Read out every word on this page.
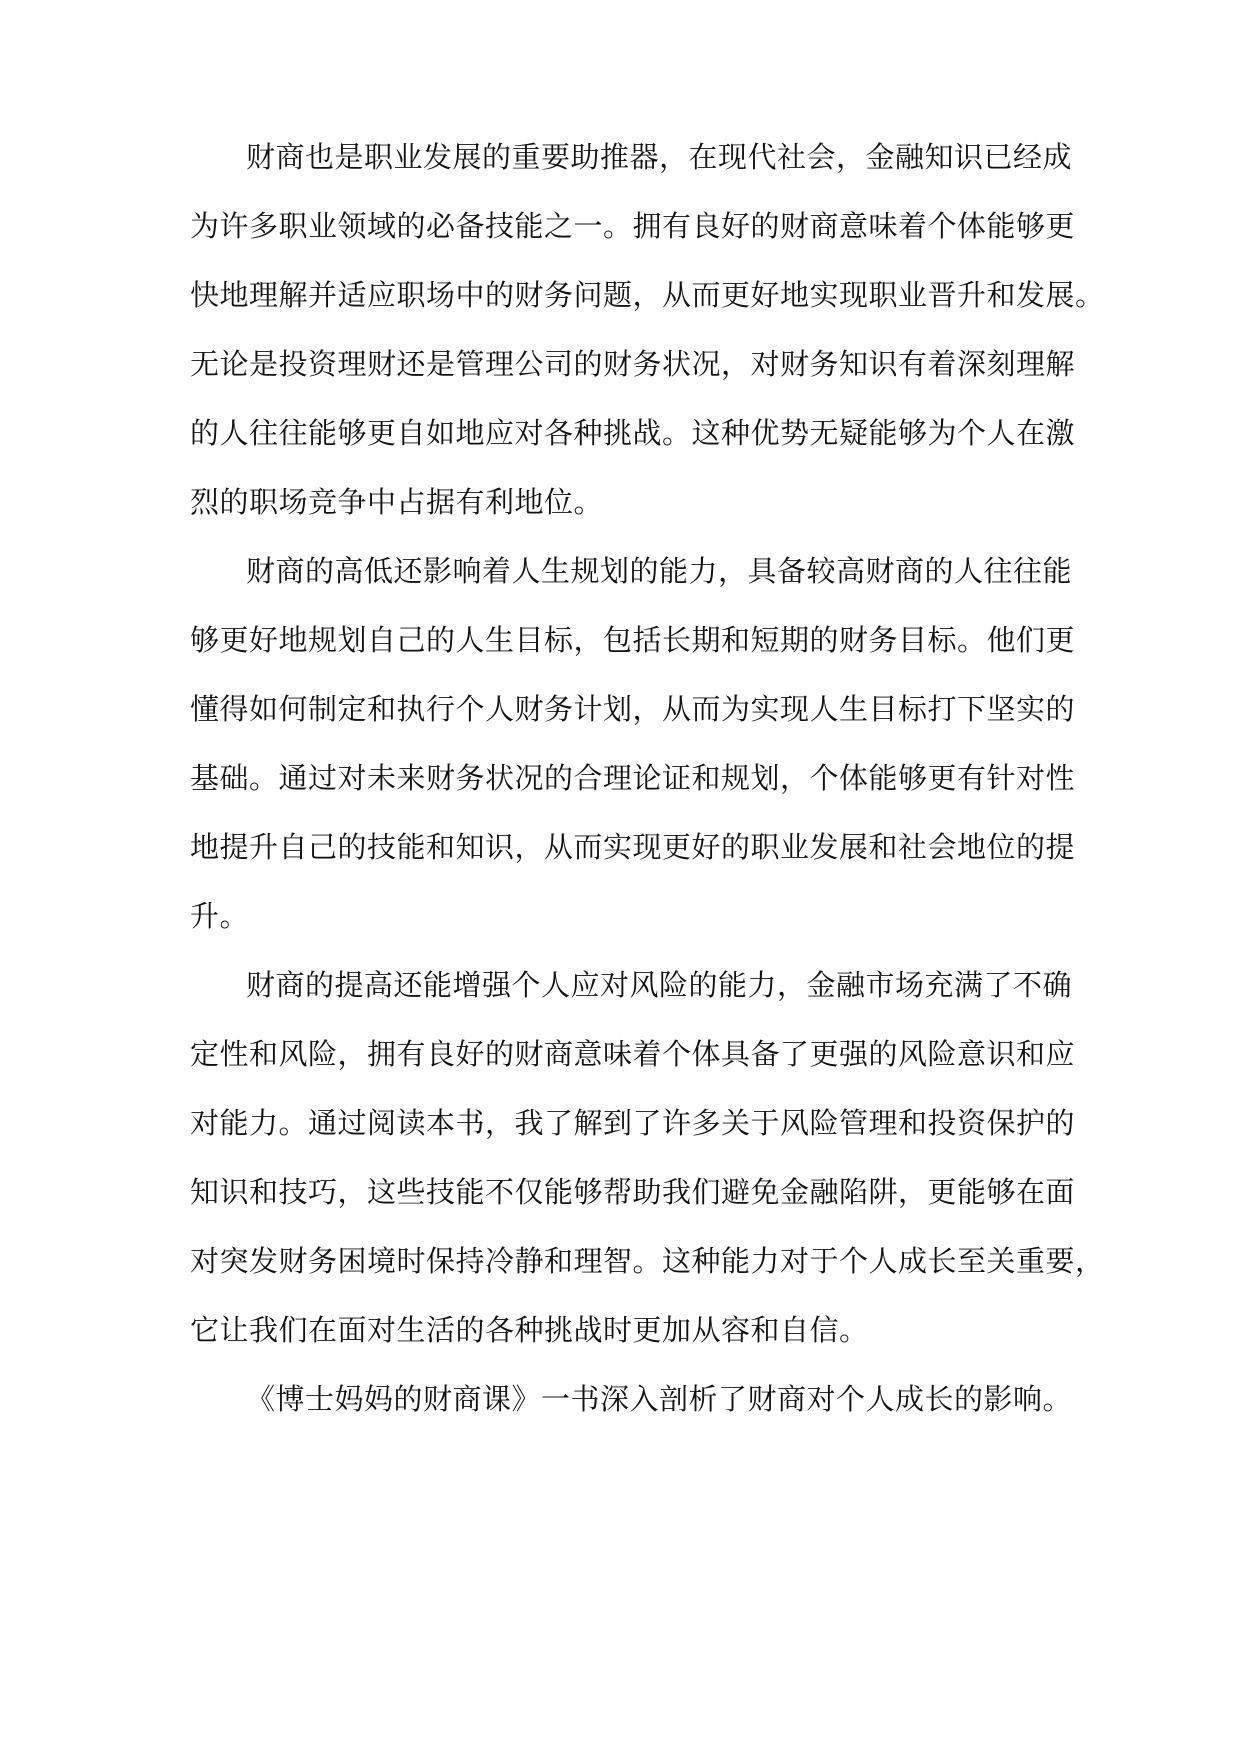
财商也是职业发展的重要助推器，在现代社会，金融知识已经成
为许多职业领域的必备技能之一。拥有良好的财商意味着个体能够更
快地理解并适应职场中的财务问题，从而更好地实现职业晋升和发展。
无论是投资理财还是管理公司的财务状况，对财务知识有着深刻理解
的人往往能够更自如地应对各种挑战。这种优势无疑能够为个人在激
烈的职场竞争中占据有利地位。
财商的高低还影响着人生规划的能力，具备较高财商的人往往能
够更好地规划自己的人生目标，包括长期和短期的财务目标。他们更
懂得如何制定和执行个人财务计划，从而为实现人生目标打下坚实的
基础。通过对未来财务状况的合理论证和规划，个体能够更有针对性
地提升自己的技能和知识，从而实现更好的职业发展和社会地位的提
升。
财商的提高还能增强个人应对风险的能力，金融市场充满了不确
定性和风险，拥有良好的财商意味着个体具备了更强的风险意识和应
对能力。通过阅读本书，我了解到了许多关于风险管理和投资保护的
知识和技巧，这些技能不仅能够帮助我们避免金融陷阱，更能够在面
对突发财务困境时保持冷静和理智。这种能力对于个人成长至关重要，
它让我们在面对生活的各种挑战时更加从容和自信。
《博士妈妈的财商课》一书深入剖析了财商对个人成长的影响。
